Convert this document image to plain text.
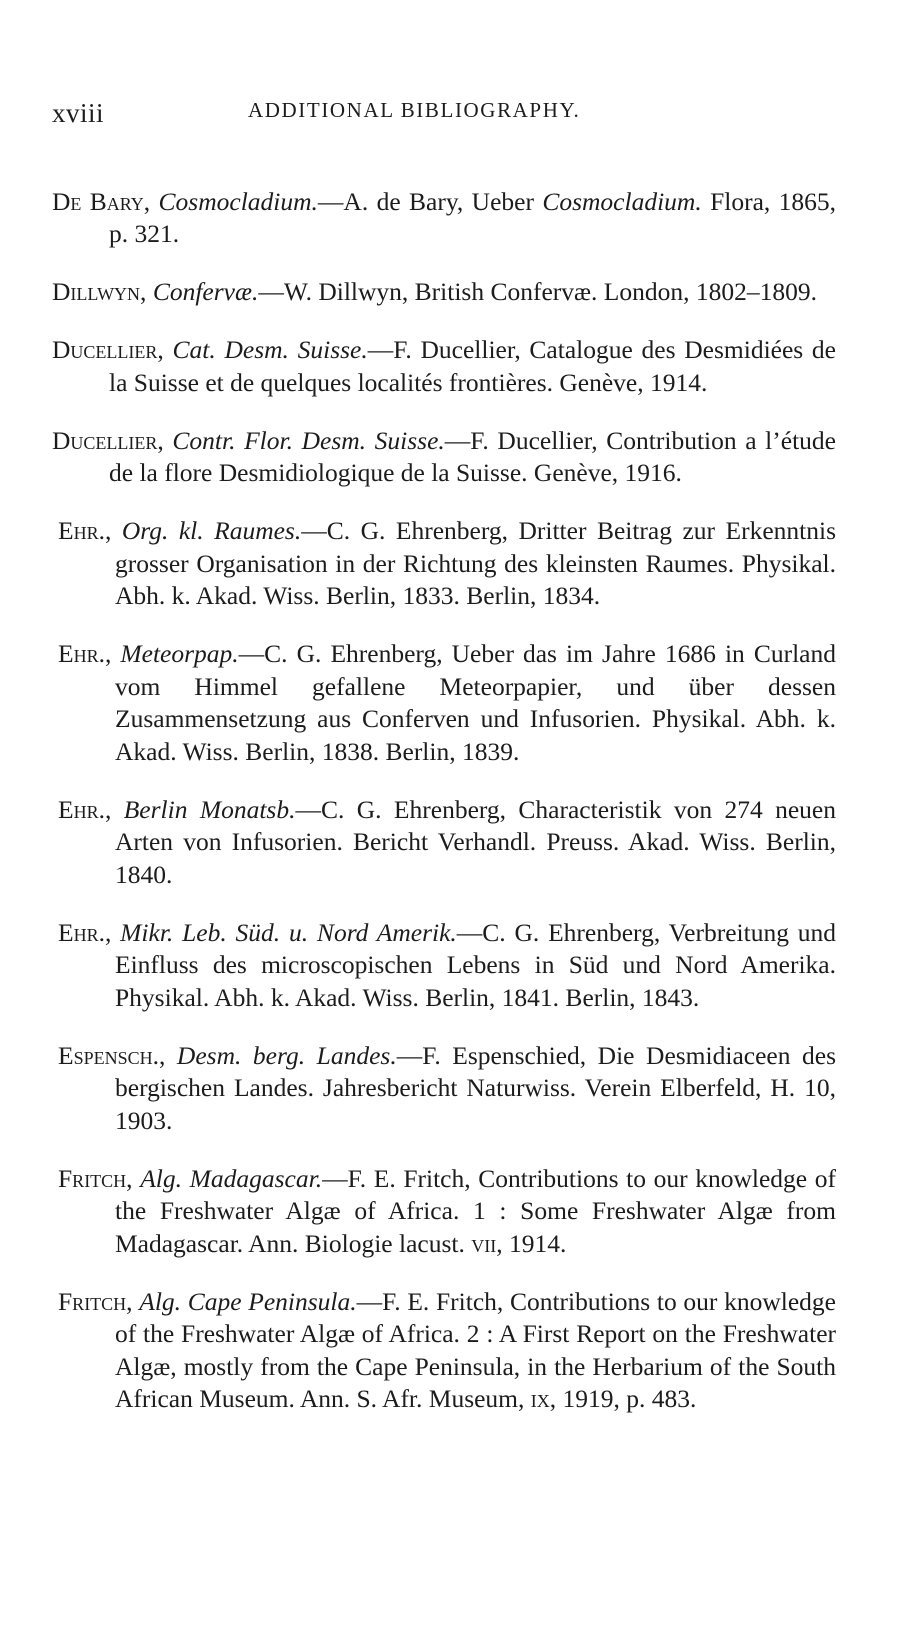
xviii	ADDITIONAL BIBLIOGRAPHY.

De Bary, Cosmocladium.—A. de Bary, Ueber Cosmocladium. Flora, 1865, p. 321.

Dillwyn, Confervæ.—W. Dillwyn, British Confervæ. London, 1802–1809.

Ducellier, Cat. Desm. Suisse.—F. Ducellier, Catalogue des Desmidiées de la Suisse et de quelques localités frontières. Genève, 1914.

Ducellier, Contr. Flor. Desm. Suisse.—F. Ducellier, Contribution a l’étude de la flore Desmidiologique de la Suisse. Genève, 1916.

Ehr., Org. kl. Raumes.—C. G. Ehrenberg, Dritter Beitrag zur Erkenntnis grosser Organisation in der Richtung des kleinsten Raumes. Physikal. Abh. k. Akad. Wiss. Berlin, 1833. Berlin, 1834.

Ehr., Meteorpap.—C. G. Ehrenberg, Ueber das im Jahre 1686 in Curland vom Himmel gefallene Meteorpapier, und über dessen Zusammensetzung aus Conferven und Infusorien. Physikal. Abh. k. Akad. Wiss. Berlin, 1838. Berlin, 1839.

Ehr., Berlin Monatsb.—C. G. Ehrenberg, Characteristik von 274 neuen Arten von Infusorien. Bericht Verhandl. Preuss. Akad. Wiss. Berlin, 1840.

Ehr., Mikr. Leb. Süd. u. Nord Amerik.—C. G. Ehrenberg, Verbreitung und Einfluss des microscopischen Lebens in Süd und Nord Amerika. Physikal. Abh. k. Akad. Wiss. Berlin, 1841. Berlin, 1843.

Espensch., Desm. berg. Landes.—F. Espenschied, Die Desmidiaceen des bergischen Landes. Jahresbericht Naturwiss. Verein Elberfeld, H. 10, 1903.

Fritch, Alg. Madagascar.—F. E. Fritch, Contributions to our knowledge of the Freshwater Algæ of Africa. 1 : Some Freshwater Algæ from Madagascar. Ann. Biologie lacust. vii, 1914.

Fritch, Alg. Cape Peninsula.—F. E. Fritch, Contributions to our knowledge of the Freshwater Algæ of Africa. 2 : A First Report on the Freshwater Algæ, mostly from the Cape Peninsula, in the Herbarium of the South African Museum. Ann. S. Afr. Museum, ix, 1919, p. 483.
